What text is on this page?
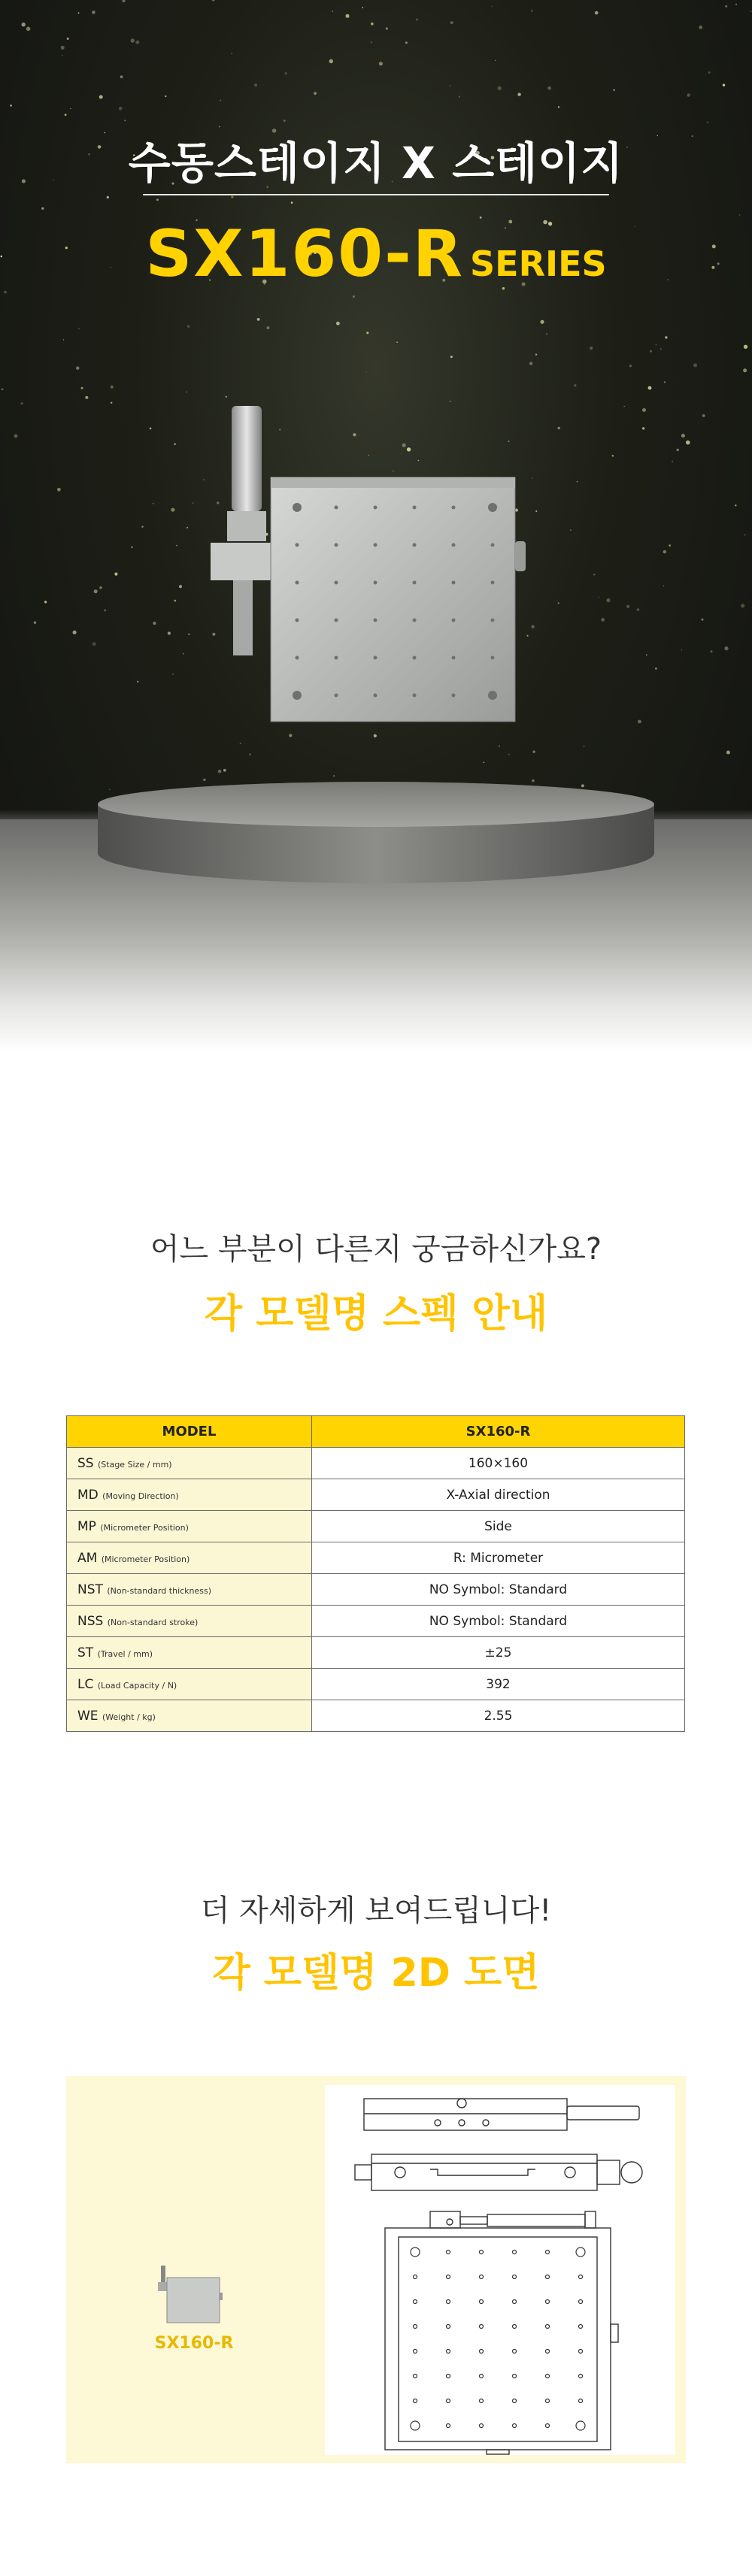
수동스테이지 X 스테이지
SX160-R SERIES
어느 부분이 다른지 궁금하신가요?
각 모델명 스펙 안내
MODEL	SX160-R
SS (Stage Size / mm)	160×160
MD (Moving Direction)	X-Axial direction
MP (Micrometer Position)	Side
AM (Micrometer Position)	R: Micrometer
NST (Non-standard thickness)	NO Symbol: Standard
NSS (Non-standard stroke)	NO Symbol: Standard
ST (Travel / mm)	±25
LC (Load Capacity / N)	392
WE (Weight / kg)	2.55
더 자세하게 보여드립니다!
각 모델명 2D 도면
SX160-R
